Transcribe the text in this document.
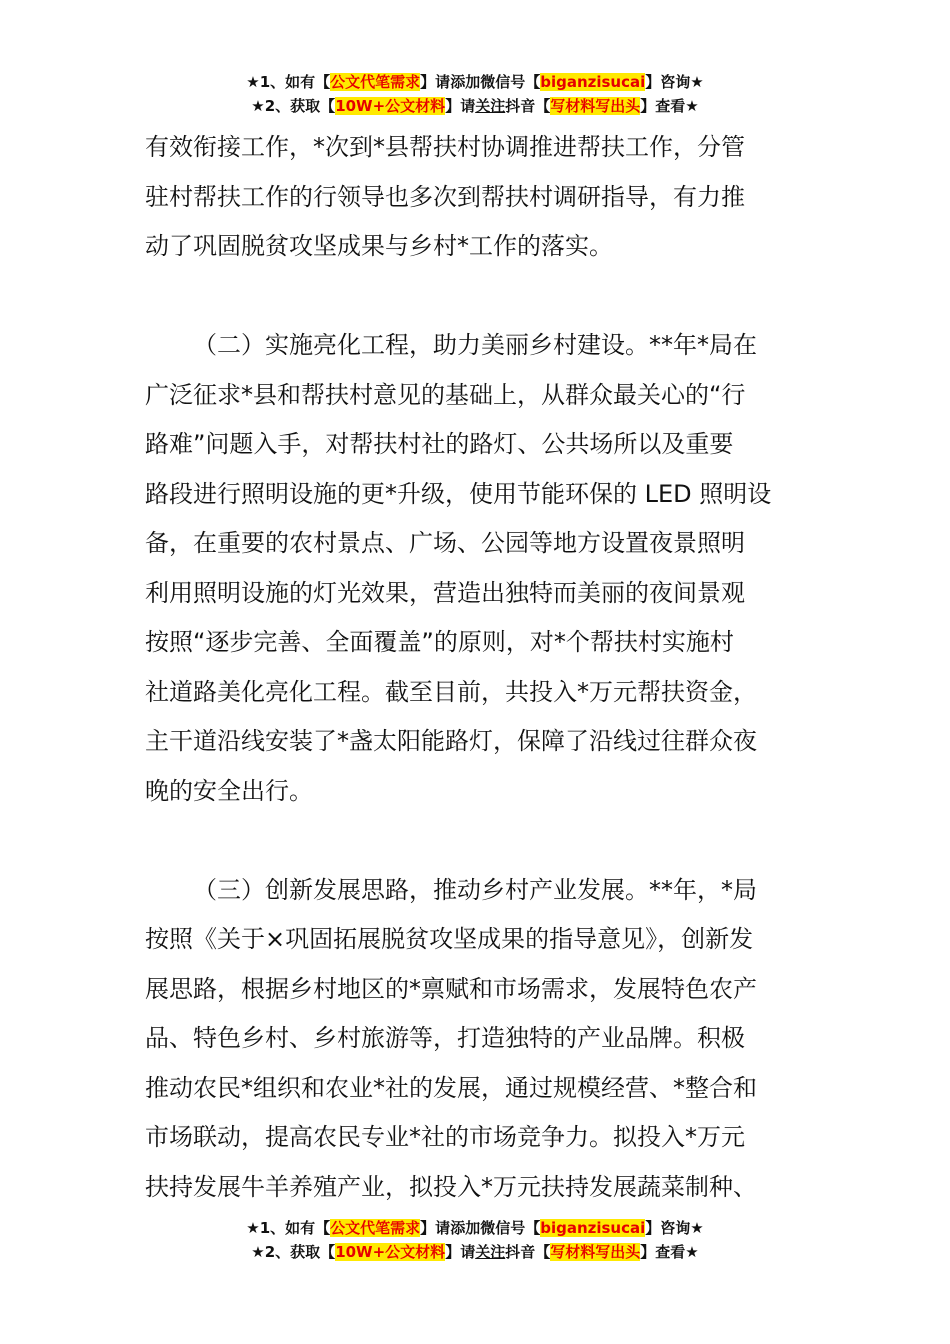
★1、如有【公文代笔需求】请添加微信号【biganzisucai】咨询★
★2、获取【10W+公文材料】请关注抖音【写材料写出头】查看★
有效衔接工作，*次到*县帮扶村协调推进帮扶工作，分管
驻村帮扶工作的行领导也多次到帮扶村调研指导，有力推
动了巩固脱贫攻坚成果与乡村*工作的落实。
（二）实施亮化工程，助力美丽乡村建设。**年*局在
广泛征求*县和帮扶村意见的基础上，从群众最关心的“行
路难”问题入手，对帮扶村社的路灯、公共场所以及重要
路段进行照明设施的更*升级，使用节能环保的 LED 照明设
备，在重要的农村景点、广场、公园等地方设置夜景照明
利用照明设施的灯光效果，营造出独特而美丽的夜间景观
按照“逐步完善、全面覆盖”的原则，对*个帮扶村实施村
社道路美化亮化工程。截至目前，共投入*万元帮扶资金，
主干道沿线安装了*盏太阳能路灯，保障了沿线过往群众夜
晚的安全出行。
（三）创新发展思路，推动乡村产业发展。**年，*局
按照《关于×巩固拓展脱贫攻坚成果的指导意见》，创新发
展思路，根据乡村地区的*禀赋和市场需求，发展特色农产
品、特色乡村、乡村旅游等，打造独特的产业品牌。积极
推动农民*组织和农业*社的发展，通过规模经营、*整合和
市场联动，提高农民专业*社的市场竞争力。拟投入*万元
扶持发展牛羊养殖产业，拟投入*万元扶持发展蔬菜制种、
★1、如有【公文代笔需求】请添加微信号【biganzisucai】咨询★
★2、获取【10W+公文材料】请关注抖音【写材料写出头】查看★
